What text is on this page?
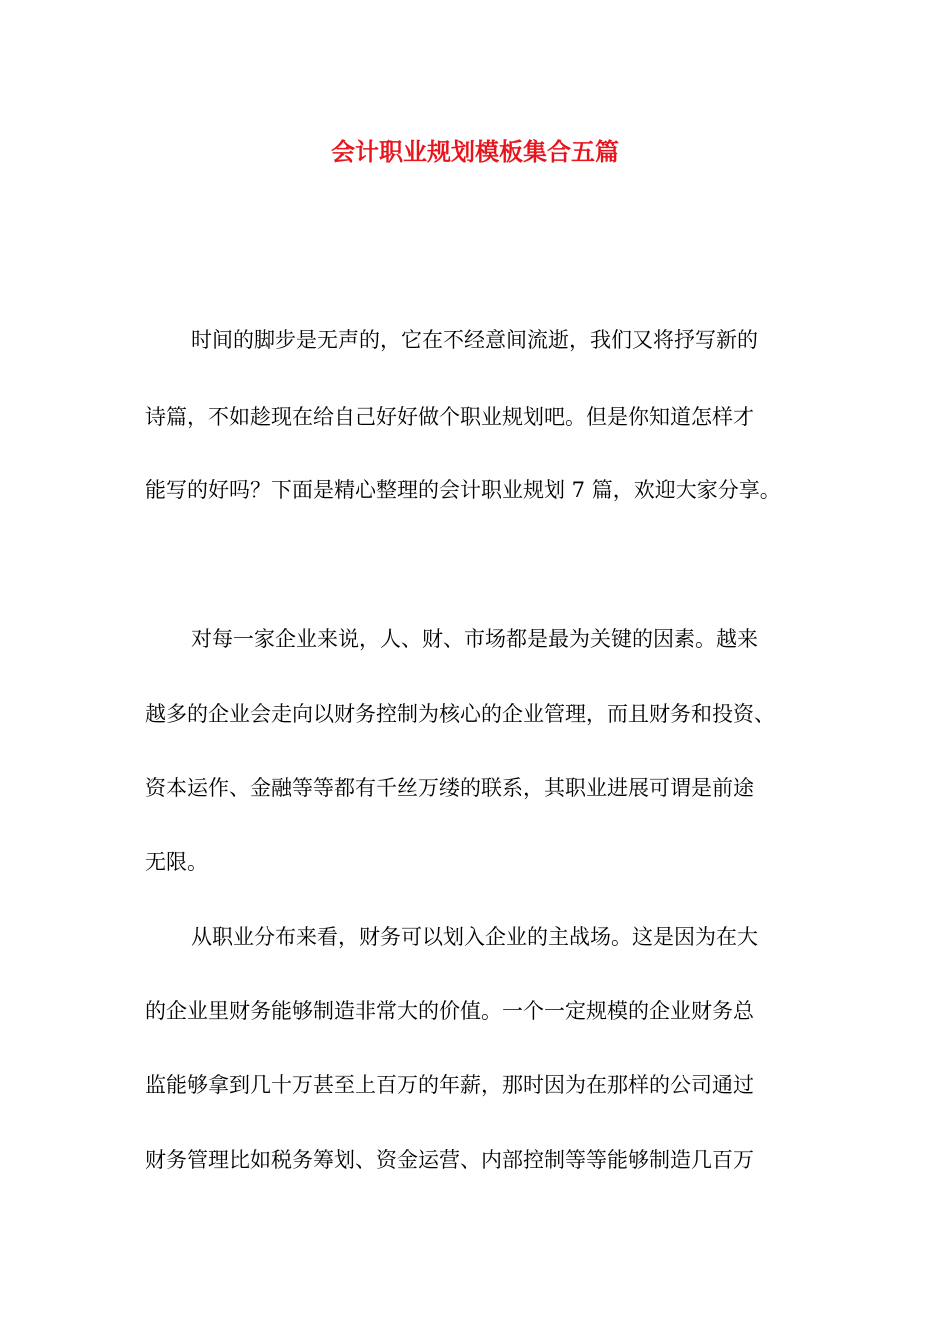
会计职业规划模板集合五篇
时间的脚步是无声的，它在不经意间流逝，我们又将抒写新的
诗篇，不如趁现在给自己好好做个职业规划吧。但是你知道怎样才
能写的好吗？下面是精心整理的会计职业规划 7 篇，欢迎大家分享。
对每一家企业来说，人、财、市场都是最为关键的因素。越来
越多的企业会走向以财务控制为核心的企业管理，而且财务和投资、
资本运作、金融等等都有千丝万缕的联系，其职业进展可谓是前途
无限。
从职业分布来看，财务可以划入企业的主战场。这是因为在大
的企业里财务能够制造非常大的价值。一个一定规模的企业财务总
监能够拿到几十万甚至上百万的年薪，那时因为在那样的公司通过
财务管理比如税务筹划、资金运营、内部控制等等能够制造几百万
